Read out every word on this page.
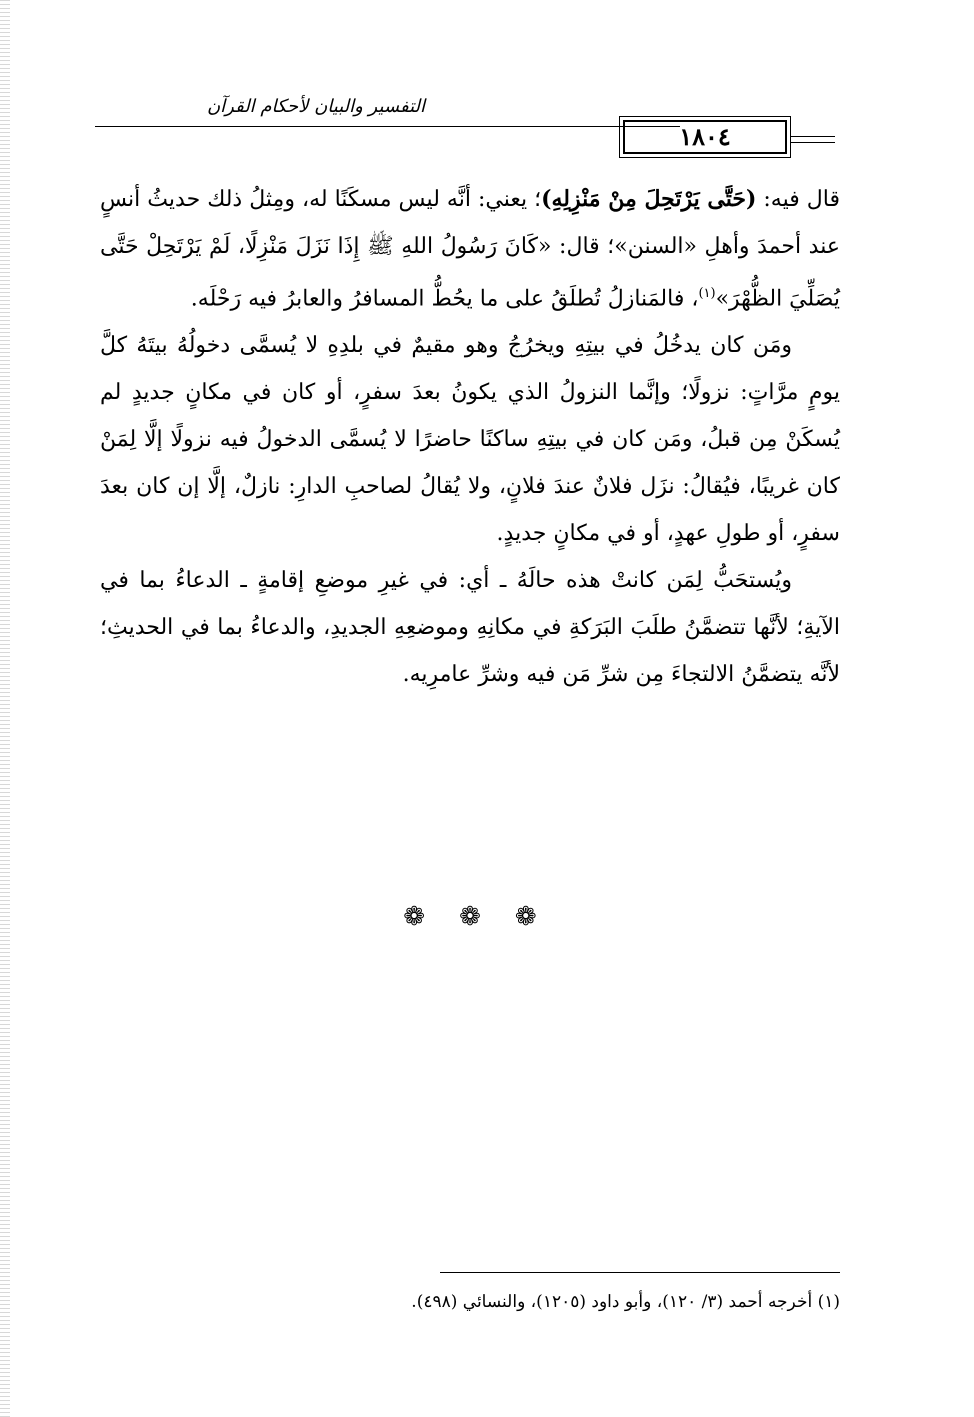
التفسير والبيان لأحكام القرآن
١٨٠٤

قال فيه: (حَتَّى يَرْتَحِلَ مِنْ مَنْزِلِهِ)؛ يعني: أنَّه ليس مسكَنًا له، ومِثلُ ذلك حديثُ أنسٍ عند أحمدَ وأهلِ «السنن»؛ قال: «كَانَ رَسُولُ اللهِ ﷺ إِذَا نَزَلَ مَنْزِلًا، لَمْ يَرْتَحِلْ حَتَّى يُصَلِّيَ الظُّهْرَ»$^{(١)}$، فالمَنازلُ تُطلَقُ على ما يحُطُّ المسافرُ والعابرُ فيه رَحْلَه.

ومَن كان يدخُلُ في بيتِهِ ويخرُجُ وهو مقيمٌ في بلدِهِ لا يُسمَّى دخولُهُ بيتَهُ كلَّ يومٍ مرَّاتٍ: نزولًا؛ وإنَّما النزولُ الذي يكونُ بعدَ سفرٍ، أو كان في مكانٍ جديدٍ لم يُسكَنْ مِن قبلُ، ومَن كان في بيتِهِ ساكنًا حاضرًا لا يُسمَّى الدخولُ فيه نزولًا إلَّا لِمَنْ كان غريبًا، فيُقالُ: نزَل فلانٌ عندَ فلانٍ، ولا يُقالُ لصاحبِ الدارِ: نازلٌ، إلَّا إن كان بعدَ سفرٍ، أو طولِ عهدٍ، أو في مكانٍ جديدٍ.

ويُستحَبُّ لِمَن كانتْ هذه حالَهُ ـ أي: في غيرِ موضعِ إقامةٍ ـ الدعاءُ بما في الآيةِ؛ لأنَّها تتضمَّنُ طلَبَ البَرَكةِ في مكانِهِ وموضعِهِ الجديدِ، والدعاءُ بما في الحديثِ؛ لأنَّه يتضمَّنُ الالتجاءَ مِن شرِّ مَن فيه وشرِّ عامرِيه.

❁❁❁
(١) أخرجه أحمد (٣/ ١٢٠)، وأبو داود (١٢٠٥)، والنسائي (٤٩٨).
